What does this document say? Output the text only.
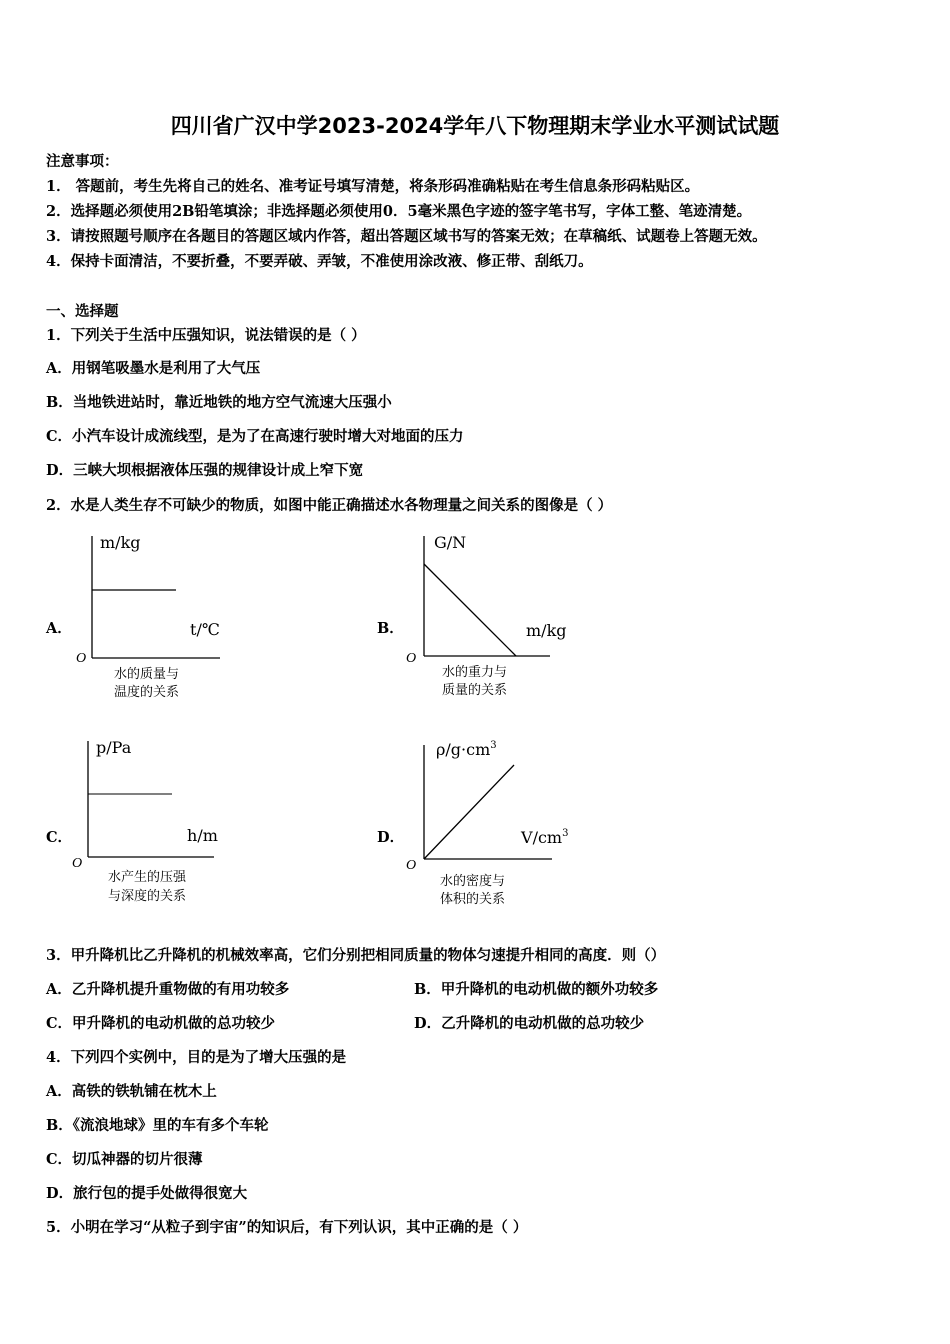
四川省广汉中学2023-2024学年八下物理期末学业水平测试试题
注意事项：
1． 答题前，考生先将自己的姓名、准考证号填写清楚，将条形码准确粘贴在考生信息条形码粘贴区。
2．选择题必须使用2B铅笔填涂；非选择题必须使用0．5毫米黑色字迹的签字笔书写，字体工整、笔迹清楚。
3．请按照题号顺序在各题目的答题区域内作答，超出答题区域书写的答案无效；在草稿纸、试题卷上答题无效。
4．保持卡面清洁，不要折叠，不要弄破、弄皱，不准使用涂改液、修正带、刮纸刀。
一、选择题
1．下列关于生活中压强知识，说法错误的是（ ）
A．用钢笔吸墨水是利用了大气压
B．当地铁进站时，靠近地铁的地方空气流速大压强小
C．小汽车设计成流线型，是为了在高速行驶时增大对地面的压力
D．三峡大坝根据液体压强的规律设计成上窄下宽
2．水是人类生存不可缺少的物质，如图中能正确描述水各物理量之间关系的图像是（ ）
A．
m/kg
t/℃
O
水的质量与
温度的关系
B．
G/N
m/kg
O
水的重力与
质量的关系
C．
p/Pa
h/m
O
水产生的压强
与深度的关系
D．
$\rho/g\cdot cm^3$
$V/cm^3$
O
水的密度与
体积的关系
3．甲升降机比乙升降机的机械效率高，它们分别把相同质量的物体匀速提升相同的高度．则（）
A．乙升降机提升重物做的有用功较多	B．甲升降机的电动机做的额外功较多
C．甲升降机的电动机做的总功较少	D．乙升降机的电动机做的总功较少
4．下列四个实例中，目的是为了增大压强的是
A．高铁的铁轨铺在枕木上
B．《流浪地球》里的车有多个车轮
C．切瓜神器的切片很薄
D．旅行包的提手处做得很宽大
5．小明在学习“从粒子到宇宙”的知识后，有下列认识，其中正确的是（ ）
